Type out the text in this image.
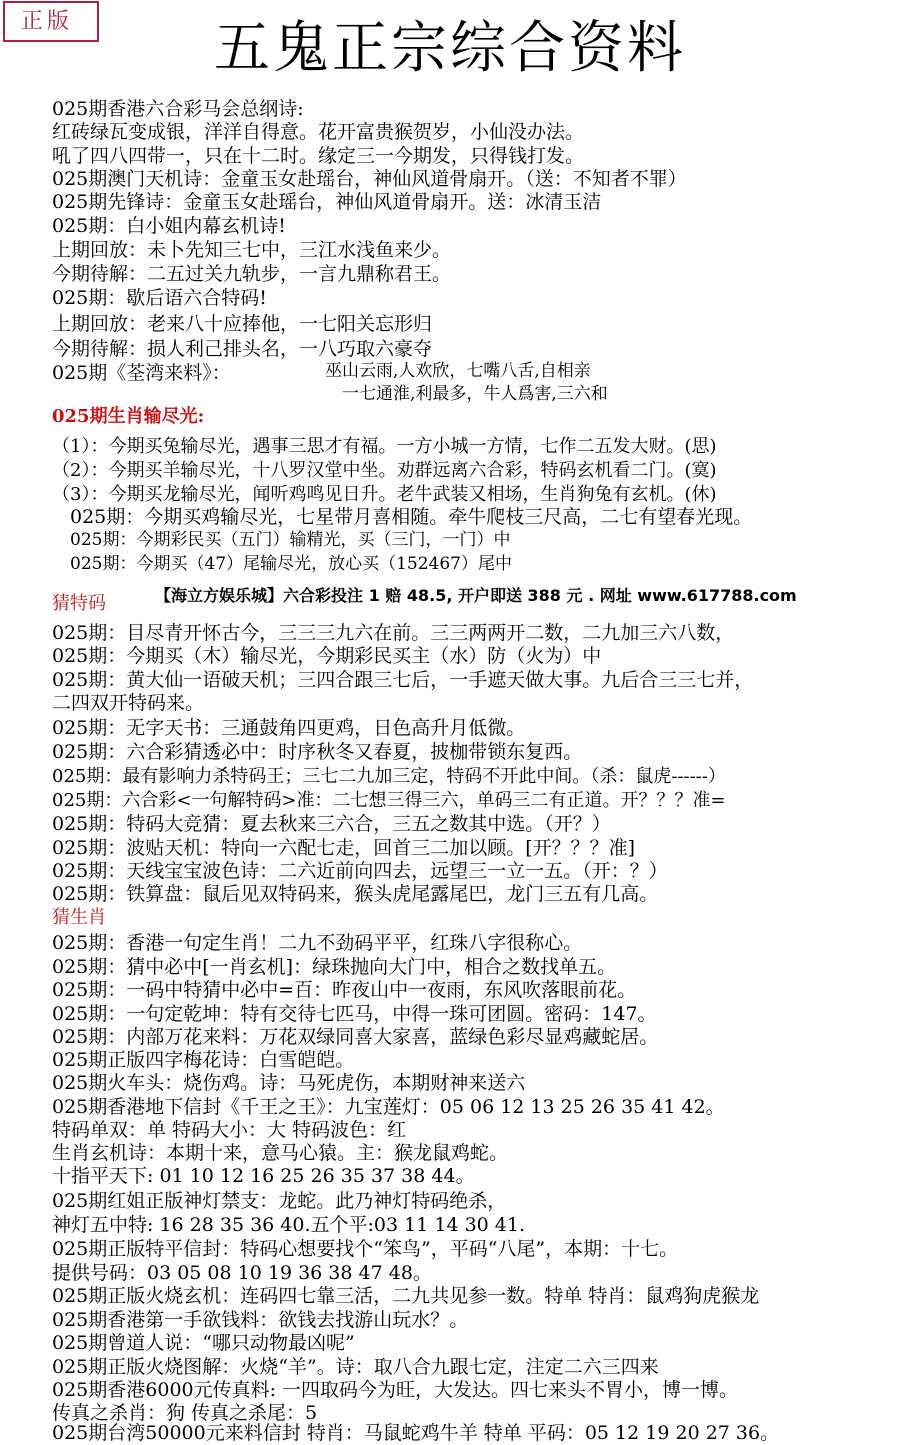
正版	五鬼正宗综合资料
025期香港六合彩马会总纲诗:
红砖绿瓦变成银，洋洋自得意。花开富贵猴贺岁，小仙没办法。
吼了四八四带一，只在十二时。缘定三一今期发，只得钱打发。
025期澳门天机诗：金童玉女赴瑶台，神仙风道骨扇开。（送：不知者不罪）
025期先锋诗：金童玉女赴瑶台，神仙风道骨扇开。送：冰清玉洁
025期：白小姐内幕玄机诗!
上期回放：未卜先知三七中，三江水浅鱼来少。
今期待解：二五过关九轨步，一言九鼎称君王。
025期：歇后语六合特码!
上期回放：老来八十应捧他，一七阳关忘形归
今期待解：损人利己排头名，一八巧取六豪夺
025期《荃湾来料》：	巫山云雨,人欢欣，七嘴八舌,自相亲
一七通淮,利最多，牛人爲害,三六和
025期生肖输尽光:
（1）：今期买兔输尽光，遇事三思才有福。一方小城一方情，七作二五发大财。(思)
（2）：今期买羊输尽光，十八罗汉堂中坐。劝群远离六合彩，特码玄机看二门。(寞)
（3）：今期买龙输尽光，闻听鸡鸣见日升。老牛武装又相场，生肖狗兔有玄机。(休)
025期：今期买鸡输尽光，七星带月喜相随。牵牛爬枝三尺高，二七有望春光现。
025期：今期彩民买（五门）输精光，买（三门，一门）中
025期：今期买（47）尾输尽光，放心买（152467）尾中
【海立方娱乐城】六合彩投注 1 赔 48.5, 开户即送 388 元 . 网址 www.617788.com
猜特码
025期：目尽青开怀古今，三三三九六在前。三三两两开二数，二九加三六八数，
025期：今期买（木）输尽光，今期彩民买主（水）防（火为）中
025期：黄大仙一语破天机；三四合跟三七后，一手遮天做大事。九后合三三七并，
二四双开特码来。
025期：无字天书：三通鼓角四更鸡，日色高升月低微。
025期：六合彩猜透必中：时序秋冬又春夏，披枷带锁东复西。
025期：最有影响力杀特码王；三七二九加三定，特码不开此中间。（杀：鼠虎------）
025期：六合彩<一句解特码>准：二七想三得三六，单码三二有正道。开？？？准=
025期：特码大竞猜：夏去秋来三六合，三五之数其中选。（开？）
025期：波贴天机：特向一六配七走，回首三二加以顾。[开？？？准]
025期：天线宝宝波色诗：二六近前向四去，远望三一立一五。（开：？）
025期：铁算盘：鼠后见双特码来，猴头虎尾露尾巴，龙门三五有几高。
猜生肖
025期：香港一句定生肖！二九不劲码平平，红珠八字很称心。
025期：猜中必中[一肖玄机]：绿珠抛向大门中，相合之数找单五。
025期：一码中特猜中必中=百：昨夜山中一夜雨，东风吹落眼前花。
025期：一句定乾坤：特有交待七匹马，中得一珠可团圆。密码：147。
025期：内部万花来料：万花双绿同喜大家喜，蓝绿色彩尽显鸡藏蛇居。
025期正版四字梅花诗：白雪皑皑。
025期火车头：烧伤鸡。诗：马死虎伤，本期财神来送六
025期香港地下信封《千王之王》：九宝莲灯：05 06 12 13 25 26 35 41 42。
特码单双：单 特码大小：大 特码波色：红
生肖玄机诗：本期十来，意马心猿。主：猴龙鼠鸡蛇。
十指平天下: 01 10 12 16 25 26 35 37 38 44。
025期红姐正版神灯禁支：龙蛇。此乃神灯特码绝杀，
神灯五中特: 16 28 35 36 40.五个平:03 11 14 30 41.
025期正版特平信封：特码心想要找个“笨鸟”，平码“八尾”，本期：十七。
提供号码：03 05 08 10 19 36 38 47 48。
025期正版火烧玄机：连码四七靠三活，二九共见参一数。特单 特肖：鼠鸡狗虎猴龙
025期香港第一手欲钱料：欲钱去找游山玩水？。
025期曾道人说：“哪只动物最凶呢”
025期正版火烧图解：火烧“羊”。诗：取八合九跟七定，注定二六三四来
025期香港6000元传真料: 一四取码今为旺，大发达。四七来头不胃小，博一博。
传真之杀肖：狗 传真之杀尾：5
025期台湾50000元来料信封 特肖：马鼠蛇鸡牛羊 特单 平码：05 12 19 20 27 36。
